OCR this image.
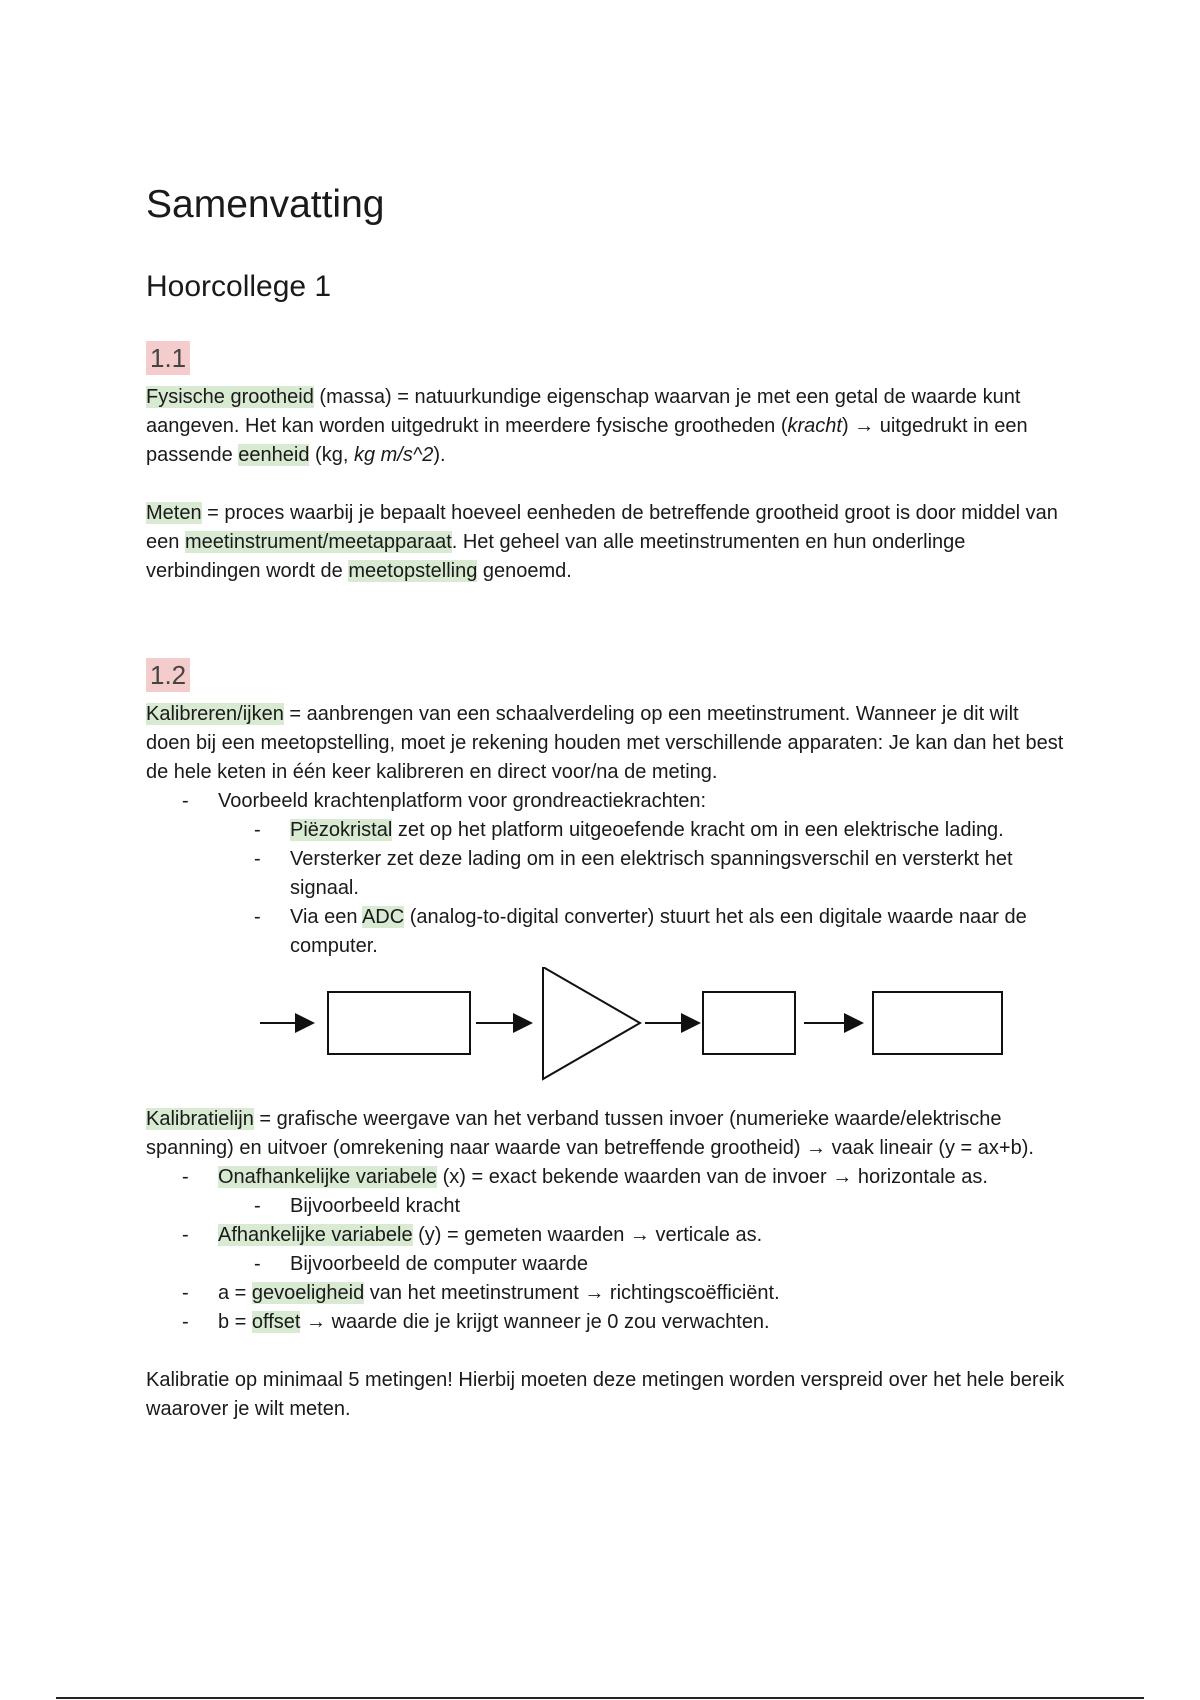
Samenvatting
Hoorcollege 1
1.1

Fysische grootheid (massa) = natuurkundige eigenschap waarvan je met een getal de waarde kunt aangeven. Het kan worden uitgedrukt in meerdere fysische grootheden (kracht) → uitgedrukt in een passende eenheid (kg, kg m/s^2).

Meten = proces waarbij je bepaalt hoeveel eenheden de betreffende grootheid groot is door middel van een meetinstrument/meetapparaat. Het geheel van alle meetinstrumenten en hun onderlinge verbindingen wordt de meetopstelling genoemd.

1.2

Kalibreren/ijken = aanbrengen van een schaalverdeling op een meetinstrument. Wanneer je dit wilt doen bij een meetopstelling, moet je rekening houden met verschillende apparaten: Je kan dan het best de hele keten in één keer kalibreren en direct voor/na de meting.

- Voorbeeld krachtenplatform voor grondreactiekrachten:
- Piëzokristal zet op het platform uitgeoefende kracht om in een elektrische lading.
- Versterker zet deze lading om in een elektrisch spanningsverschil en versterkt het signaal.
- Via een ADC (analog-to-digital converter) stuurt het als een digitale waarde naar de computer.

Kalibratielijn = grafische weergave van het verband tussen invoer (numerieke waarde/elektrische spanning) en uitvoer (omrekening naar waarde van betreffende grootheid) → vaak lineair (y = ax+b).

- Onafhankelijke variabele (x) = exact bekende waarden van de invoer → horizontale as.
- Bijvoorbeeld kracht
- Afhankelijke variabele (y) = gemeten waarden → verticale as.
- Bijvoorbeeld de computer waarde
- a = gevoeligheid van het meetinstrument → richtingscoëfficiënt.
- b = offset → waarde die je krijgt wanneer je 0 zou verwachten.

Kalibratie op minimaal 5 metingen! Hierbij moeten deze metingen worden verspreid over het hele bereik waarover je wilt meten.
